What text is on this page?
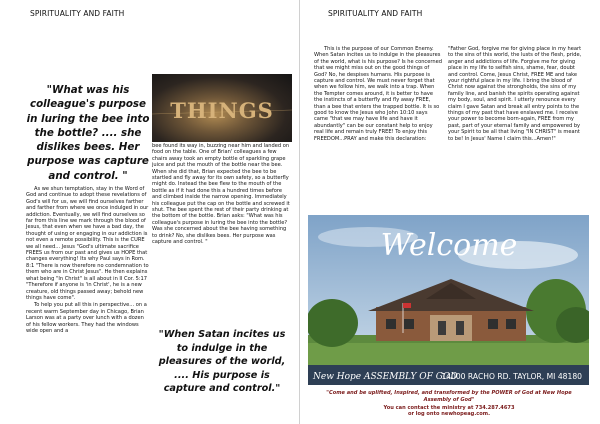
SPIRITUALITY AND FAITH
"What was his colleague's purpose in luring the bee into the bottle? .... she dislikes bees. Her purpose was capture and control. "
THINGS

As we shun temptation, stay in the Word of God and continue to adopt these revelations of God's will for us, we will find ourselves farther and farther from where we once indulged in our addiction. Eventually, we will find ourselves so far from this line we mark through the blood of Jesus, that even when we have a bad day, the thought of using or engaging in our addiction is not even a remote possibility. This is the CURE we all need... Jesus "God's ultimate sacrifice FREES us from our past and gives us HOPE that changes everything! Its why Paul says in Rom. 8:1 "There is now therefore no condemnation to them who are in Christ Jesus". He then explains what being "In Christ" is all about in II Cor. 5:17 "Therefore if anyone is 'in Christ', he is a new creature, old things passed away; behold new things have come".

To help you put all this in perspective... on a recent warm September day in Chicago, Brian Larson was at a party over lunch with a dozen of his fellow workers. They had the windows wide open and a

bee found its way in, buzzing near him and landed on food on the table. One of Brian' colleagues a few chairs away took an empty bottle of sparkling grape juice and put the mouth of the bottle near the bee. When she did that, Brian expected the bee to be startled and fly away for its own safety, so a butterfly might do. Instead the bee flew to the mouth of the bottle as if it had done this a hundred times before and climbed inside the narrow opening. Immediately his colleague put the cap on the bottle and screwed it shut. The bee spent the rest of their party drinking at the bottom of the bottle. Brian asks: "What was his colleague's purpose in luring the bee into the bottle? Was she concerned about the bee having something to drink? No, she dislikes bees. Her purpose was capture and control. "

"When Satan incites us to indulge in the pleasures of the world, .... His purpose is capture and control."
SPIRITUALITY AND FAITH

This is the purpose of our Common Enemy. When Satan incites us to indulge in the pleasures of the world, what is his purpose? Is he concerned that we might miss out on the good things of God? No, he despises humans. His purpose is capture and control. We must never forget that when we follow him, we walk into a trap. When the Tempter comes around, it is better to have the instincts of a butterfly and fly away FREE, than a bee that enters the trapped bottle. It is so good to know the Jesus who John 10:10 says came "that we may have life and have it abundantly" can be our constant help to enjoy real life and remain truly FREE! To enjoy this FREEDOM...PRAY and make this declaration:

"Father God, forgive me for giving place in my heart to the sins of this world, the lusts of the flesh, pride, anger and addictions of life. Forgive me for giving place in my life to selfish sins, shame, fear, doubt and control. Come, Jesus Christ, FREE ME and take your rightful place in my life. I bring the blood of Christ now against the strongholds, the sins of my family line, and banish the spirits operating against my body, soul, and spirit. I utterly renounce every claim I gave Satan and break all entry points to the things of my past that have enslaved me. I receive your power to become born-again, FREE from my past, part of your eternal family and empowered by your Spirit to be all that living "IN CHRIST" is meant to be! In Jesus' Name I claim this...Amen!"

Welcome
New Hope ASSEMBLY OF GOD
14000 RACHO RD. TAYLOR, MI 48180
"Come and be uplifted, Inspired, and transformed by the POWER of God at New Hope Assembly of God"
You can contact the ministry at 734.287.4673
or log onto newhopeag.com.
